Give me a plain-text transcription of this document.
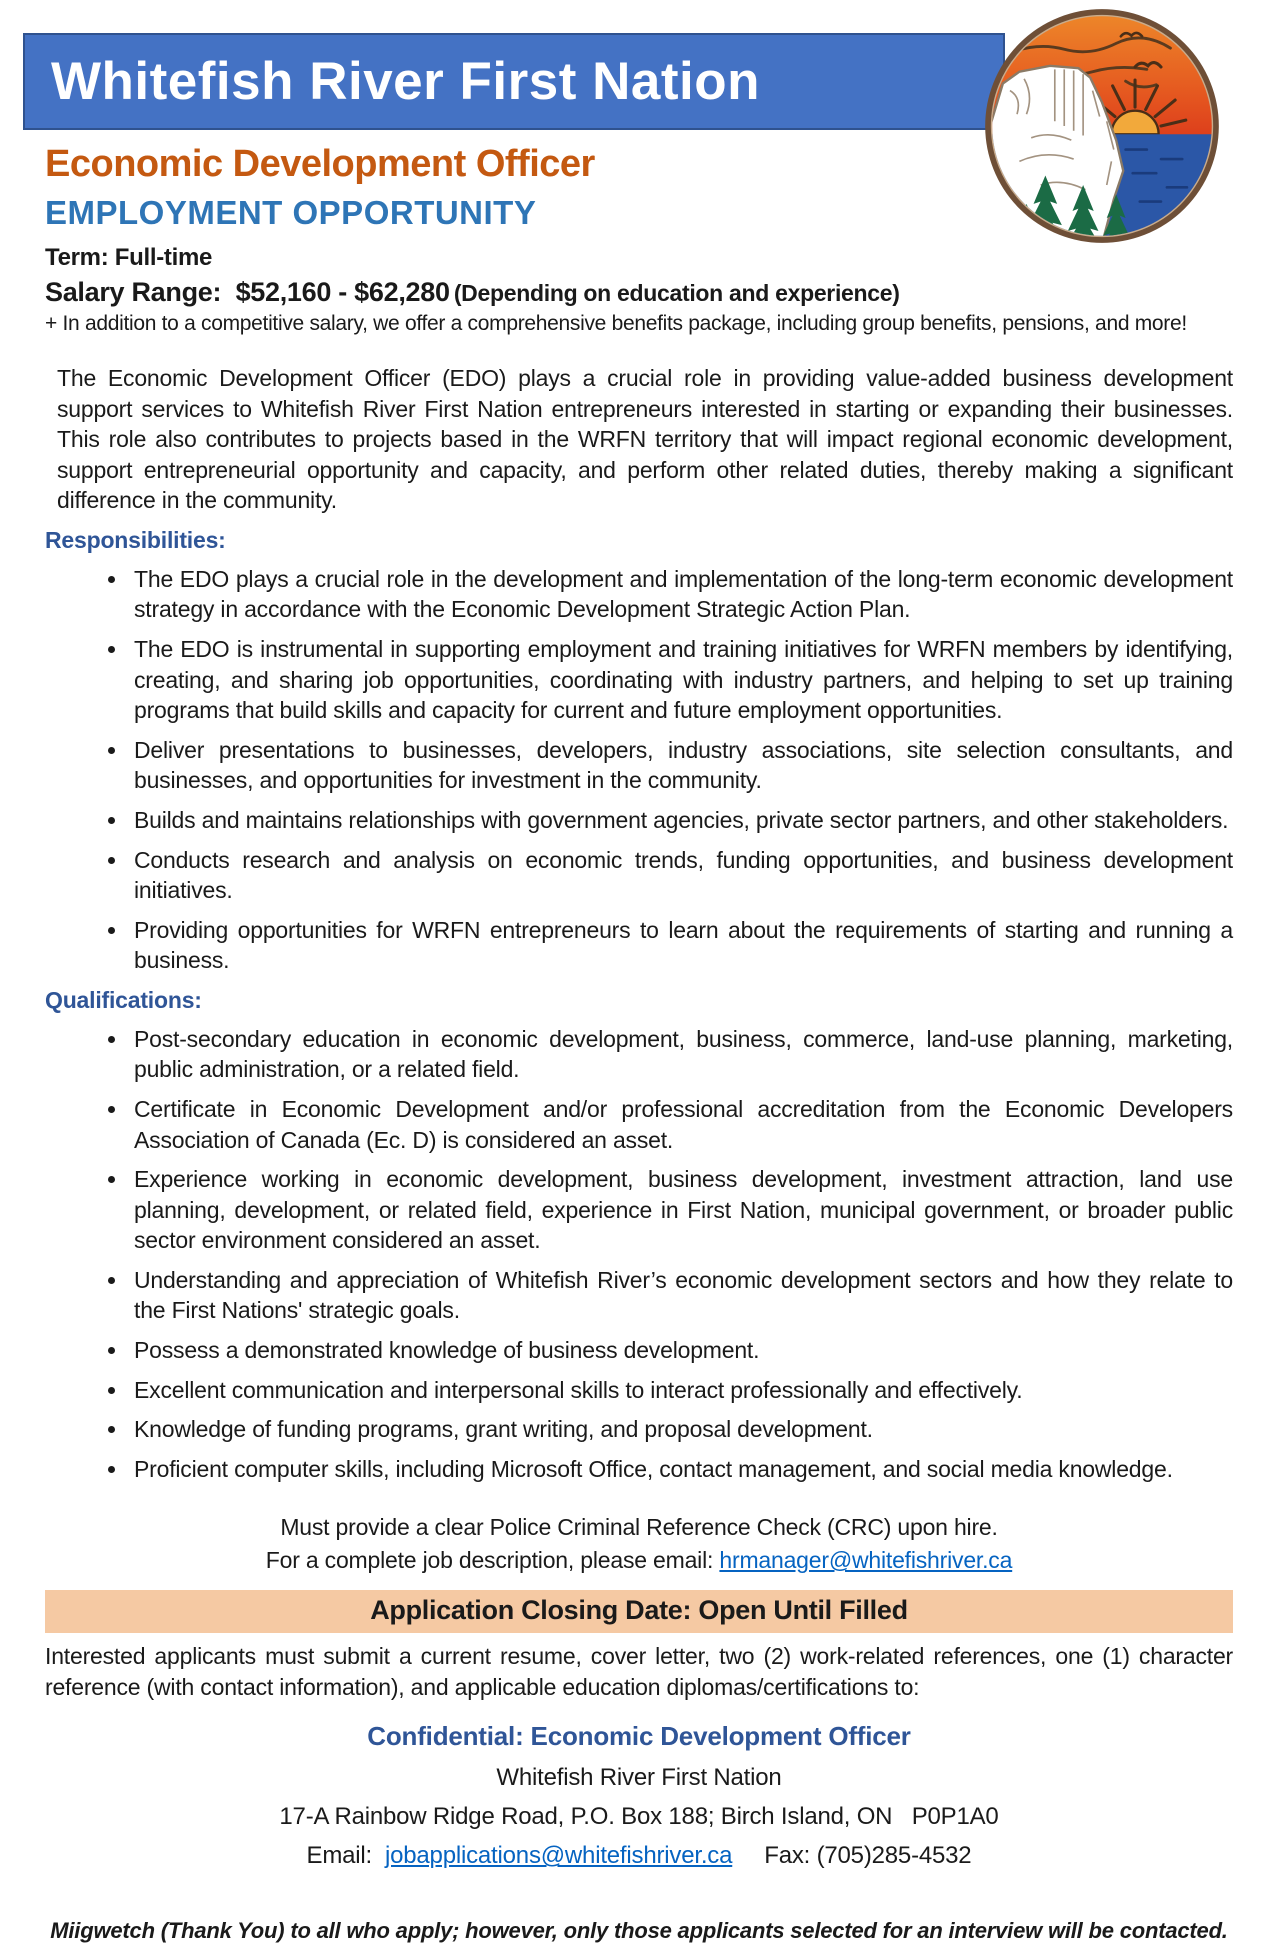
Whitefish River First Nation
Economic Development Officer
EMPLOYMENT OPPORTUNITY

Term: Full-time

Salary Range:  $52,160 - $62,280 (Depending on education and experience)

+ In addition to a competitive salary, we offer a comprehensive benefits package, including group benefits, pensions, and more!

The Economic Development Officer (EDO) plays a crucial role in providing value-added business development support services to Whitefish River First Nation entrepreneurs interested in starting or expanding their businesses. This role also contributes to projects based in the WRFN territory that will impact regional economic development, support entrepreneurial opportunity and capacity, and perform other related duties, thereby making a significant difference in the community.

Responsibilities:
• The EDO plays a crucial role in the development and implementation of the long-term economic development strategy in accordance with the Economic Development Strategic Action Plan.
• The EDO is instrumental in supporting employment and training initiatives for WRFN members by identifying, creating, and sharing job opportunities, coordinating with industry partners, and helping to set up training programs that build skills and capacity for current and future employment opportunities.
• Deliver presentations to businesses, developers, industry associations, site selection consultants, and businesses, and opportunities for investment in the community.
• Builds and maintains relationships with government agencies, private sector partners, and other stakeholders.
• Conducts research and analysis on economic trends, funding opportunities, and business development initiatives.
• Providing opportunities for WRFN entrepreneurs to learn about the requirements of starting and running a business.
Qualifications:
• Post-secondary education in economic development, business, commerce, land-use planning, marketing, public administration, or a related field.
• Certificate in Economic Development and/or professional accreditation from the Economic Developers Association of Canada (Ec. D) is considered an asset.
• Experience working in economic development, business development, investment attraction, land use planning, development, or related field, experience in First Nation, municipal government, or broader public sector environment considered an asset.
• Understanding and appreciation of Whitefish River’s economic development sectors and how they relate to the First Nations' strategic goals.
• Possess a demonstrated knowledge of business development.
• Excellent communication and interpersonal skills to interact professionally and effectively.
• Knowledge of funding programs, grant writing, and proposal development.
• Proficient computer skills, including Microsoft Office, contact management, and social media knowledge.

Must provide a clear Police Criminal Reference Check (CRC) upon hire.

For a complete job description, please email: hrmanager@whitefishriver.ca

Application Closing Date: Open Until Filled

Interested applicants must submit a current resume, cover letter, two (2) work-related references, one (1) character reference (with contact information), and applicable education diplomas/certifications to:

Confidential: Economic Development Officer

Whitefish River First Nation

17-A Rainbow Ridge Road, P.O. Box 188; Birch Island, ON   P0P1A0

Email:  jobapplications@whitefishriver.ca Fax: (705)285-4532

Miigwetch (Thank You) to all who apply; however, only those applicants selected for an interview will be contacted.
